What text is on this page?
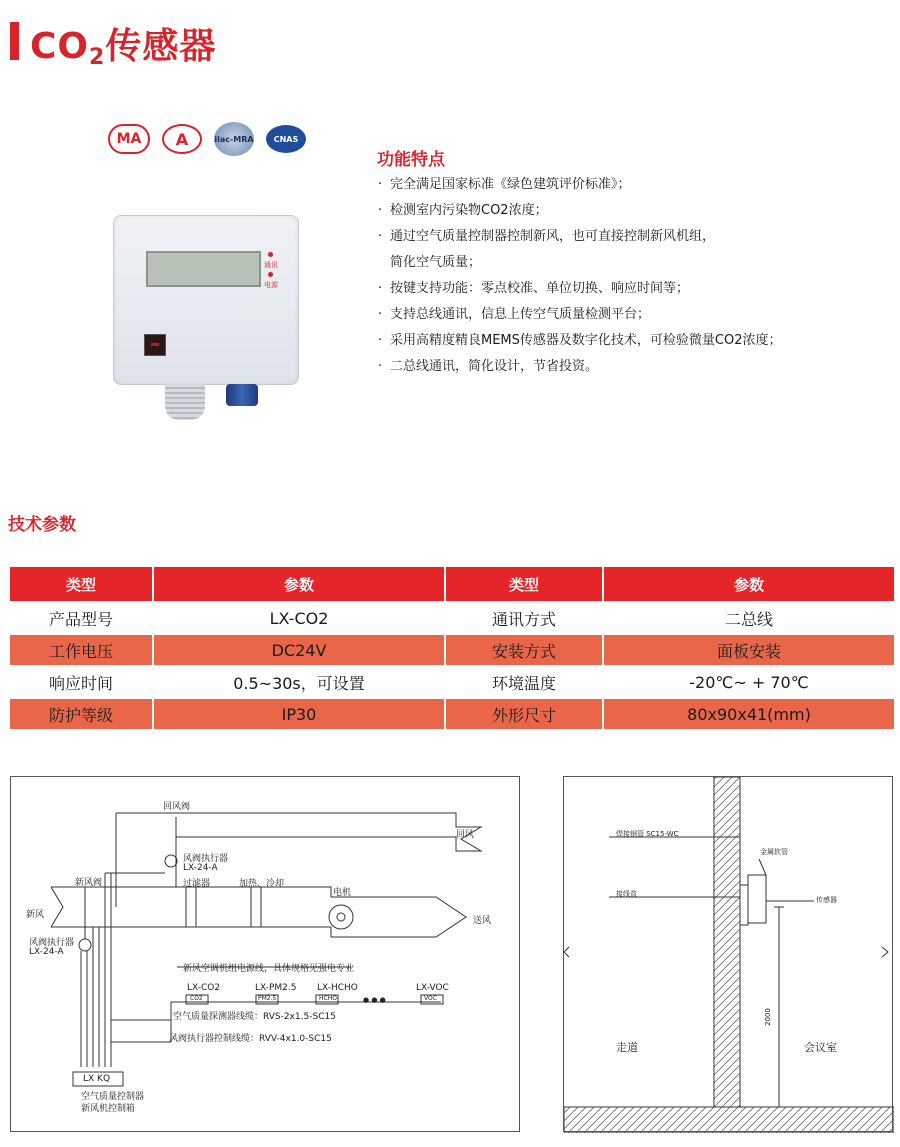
$CO_2$传感器
MA	A	ilac-MRA	CNAS
通讯
电源
功能特点
· 完全满足国家标准《绿色建筑评价标准》；
· 检测室内污染物CO2浓度；
· 通过空气质量控制器控制新风，也可直接控制新风机组，
简化空气质量；
· 按键支持功能：零点校准、单位切换、响应时间等；
· 支持总线通讯，信息上传空气质量检测平台；
· 采用高精度精良MEMS传感器及数字化技术，可检验微量CO2浓度；
· 二总线通讯，简化设计，节省投资。
技术参数
类型	参数	类型	参数
产品型号	LX-CO2	通讯方式	二总线
工作电压	DC24V	安装方式	面板安装
响应时间	0.5~30s，可设置	环境温度	-20℃~ + 70℃
防护等级	IP30	外形尺寸	80x90x41(mm)
回风阀
回风
风阀执行器
LX-24-A
新风阀	过滤器	加热、冷却
电机
新风
送风
风阀执行器
LX-24-A
新风空调机组电源线，具体规格见强电专业
LX-CO2
CO2
LX-PM2.5
PM2.5
LX-HCHO
HCHO	● ● ●
LX-VOC
VOC
空气质量探测器线缆：RVS-2x1.5-SC15
风阀执行器控制线缆：RVV-4x1.0-SC15
LX KQ
空气质量控制器
新风机控制箱
焊接钢管 SC15-WC
金属软管
接线盒
传感器
2000
走道	会议室
